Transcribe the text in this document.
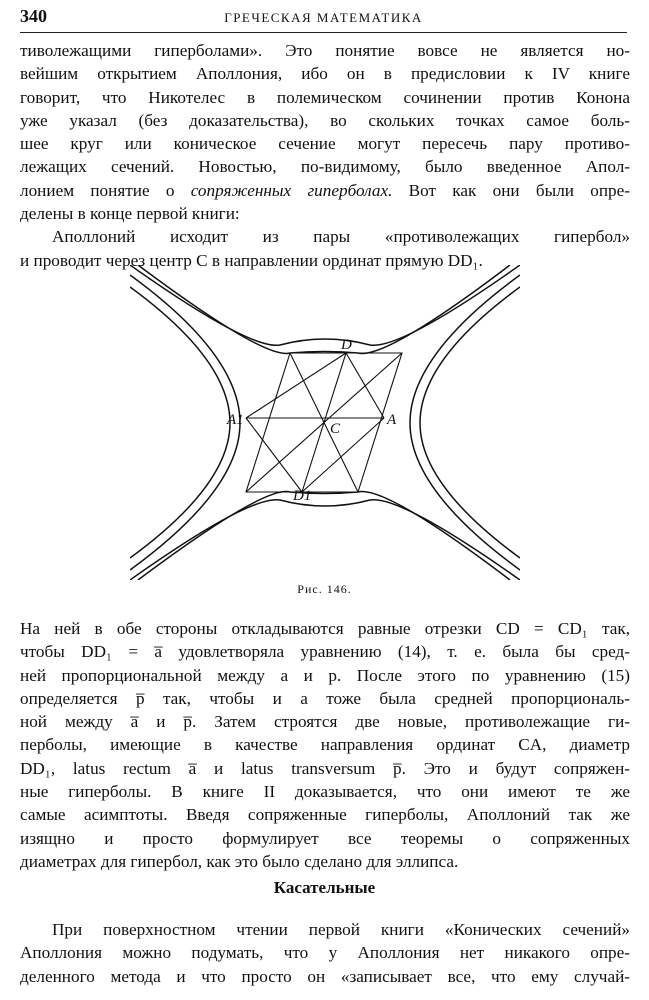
340	ГРЕЧЕСКАЯ МАТЕМАТИКА

тиволежащими гиперболами». Это понятие вовсе не является но-

вейшим открытием Аполлония, ибо он в предисловии к IV книге

говорит, что Никотелес в полемическом сочинении против Конона

уже указал (без доказательства), во скольких точках самое боль-

шее круг или коническое сечение могут пересечь пару противо-

лежащих сечений. Новостью, по-видимому, было введенное Апол-

лонием понятие о сопряженных гиперболах. Вот как они были опре-

делены в конце первой книги:

Аполлоний исходит из пары «противолежащих гипербол»

и проводит через центр C в направлении ординат прямую DD₁.

D
D1
A
A1
C
Рис. 146.

На ней в обе стороны откладываются равные отрезки CD = CD₁ так,

чтобы DD₁ = a̅ удовлетворяла уравнению (14), т. е. была бы сред-

ней пропорциональной между a и p. После этого по уравнению (15)

определяется p̅ так, чтобы и a тоже была средней пропорциональ-

ной между a̅ и p̅. Затем строятся две новые, противолежащие ги-

перболы, имеющие в качестве направления ординат CA, диаметр

DD₁, latus rectum a̅ и latus transversum p̅. Это и будут сопряжен-

ные гиперболы. В книге II доказывается, что они имеют те же

самые асимптоты. Введя сопряженные гиперболы, Аполлоний так же

изящно и просто формулирует все теоремы о сопряженных

диаметрах для гипербол, как это было сделано для эллипса.

Касательные

При поверхностном чтении первой книги «Конических сечений»

Аполлония можно подумать, что у Аполлония нет никакого опре-

деленного метода и что просто он «записывает все, что ему случай-
